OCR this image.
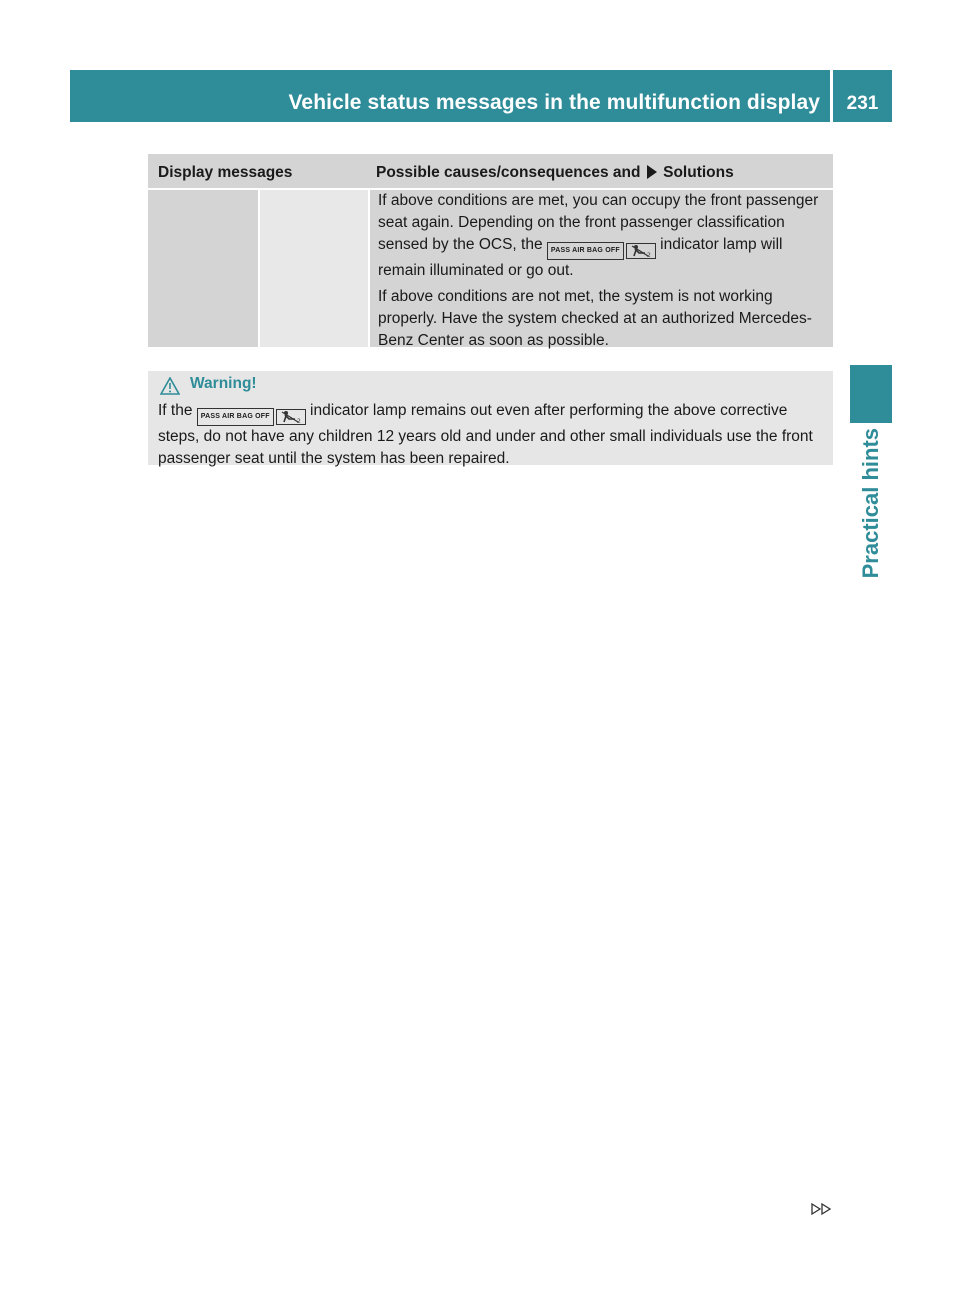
Vehicle status messages in the multifunction display	231
Practical hints
Display messages	Possible causes/consequences and Solutions

If above conditions are met, you can occupy the front passenger seat again. Depending on the front passenger classification sensed by the OCS, the	PASS AIR BAG OFF
2
indicator lamp will remain illuminated or go out.

If above conditions are not met, the system is not working properly. Have the system checked at an authorized Mercedes-Benz Center as soon as possible.

Warning!
If the	PASS AIR BAG OFF
2
indicator lamp remains out even after performing the above corrective steps, do not have any children 12 years old and under and other small individuals use the front passenger seat until the system has been repaired.
